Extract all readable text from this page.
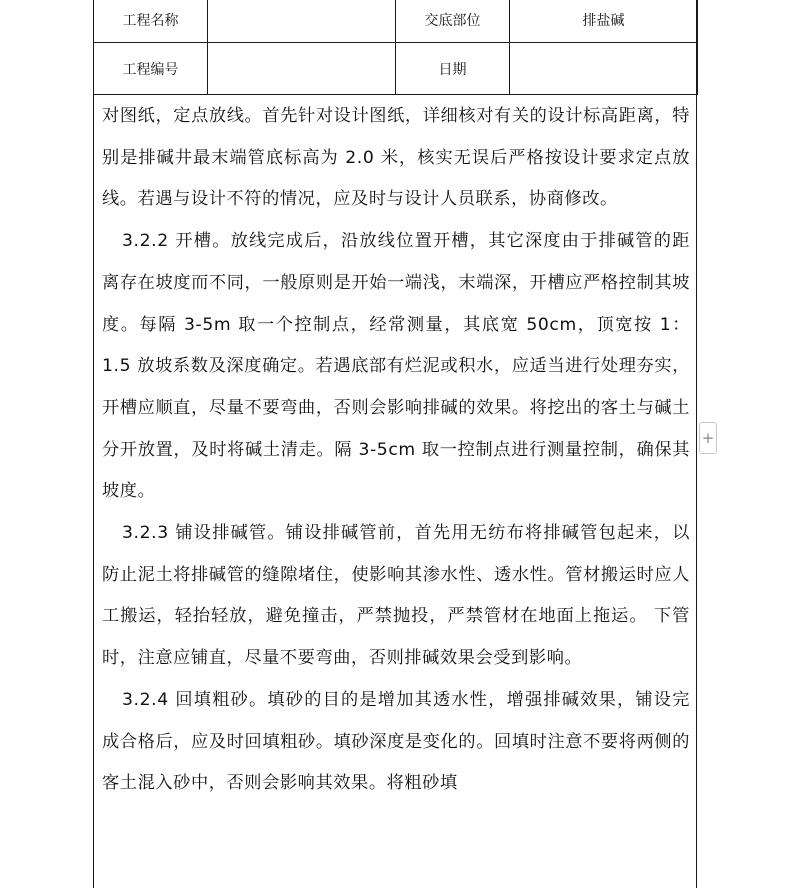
工程名称		交底部位	排盐碱
工程编号		日期	

对图纸，定点放线。首先针对设计图纸，详细核对有关的设计标高距离，特别是排碱井最末端管底标高为 2.0 米，核实无误后严格按设计要求定点放线。若遇与设计不符的情况，应及时与设计人员联系，协商修改。

3.2.2 开槽。放线完成后，沿放线位置开槽，其它深度由于排碱管的距离存在坡度而不同，一般原则是开始一端浅，末端深，开槽应严格控制其坡度。每隔 3-5m 取一个控制点，经常测量，其底宽 50cm，顶宽按 1：1.5 放坡系数及深度确定。若遇底部有烂泥或积水，应适当进行处理夯实，开槽应顺直，尽量不要弯曲，否则会影响排碱的效果。将挖出的客土与碱土分开放置，及时将碱土清走。隔 3-5cm 取一控制点进行测量控制，确保其坡度。

3.2.3 铺设排碱管。铺设排碱管前，首先用无纺布将排碱管包起来，以防止泥土将排碱管的缝隙堵住，使影响其渗水性、透水性。管材搬运时应人工搬运，轻抬轻放，避免撞击，严禁抛投，严禁管材在地面上拖运。 下管时，注意应铺直，尽量不要弯曲，否则排碱效果会受到影响。

3.2.4 回填粗砂。填砂的目的是增加其透水性，增强排碱效果，铺设完成合格后，应及时回填粗砂。填砂深度是变化的。回填时注意不要将两侧的客土混入砂中，否则会影响其效果。将粗砂填

+
